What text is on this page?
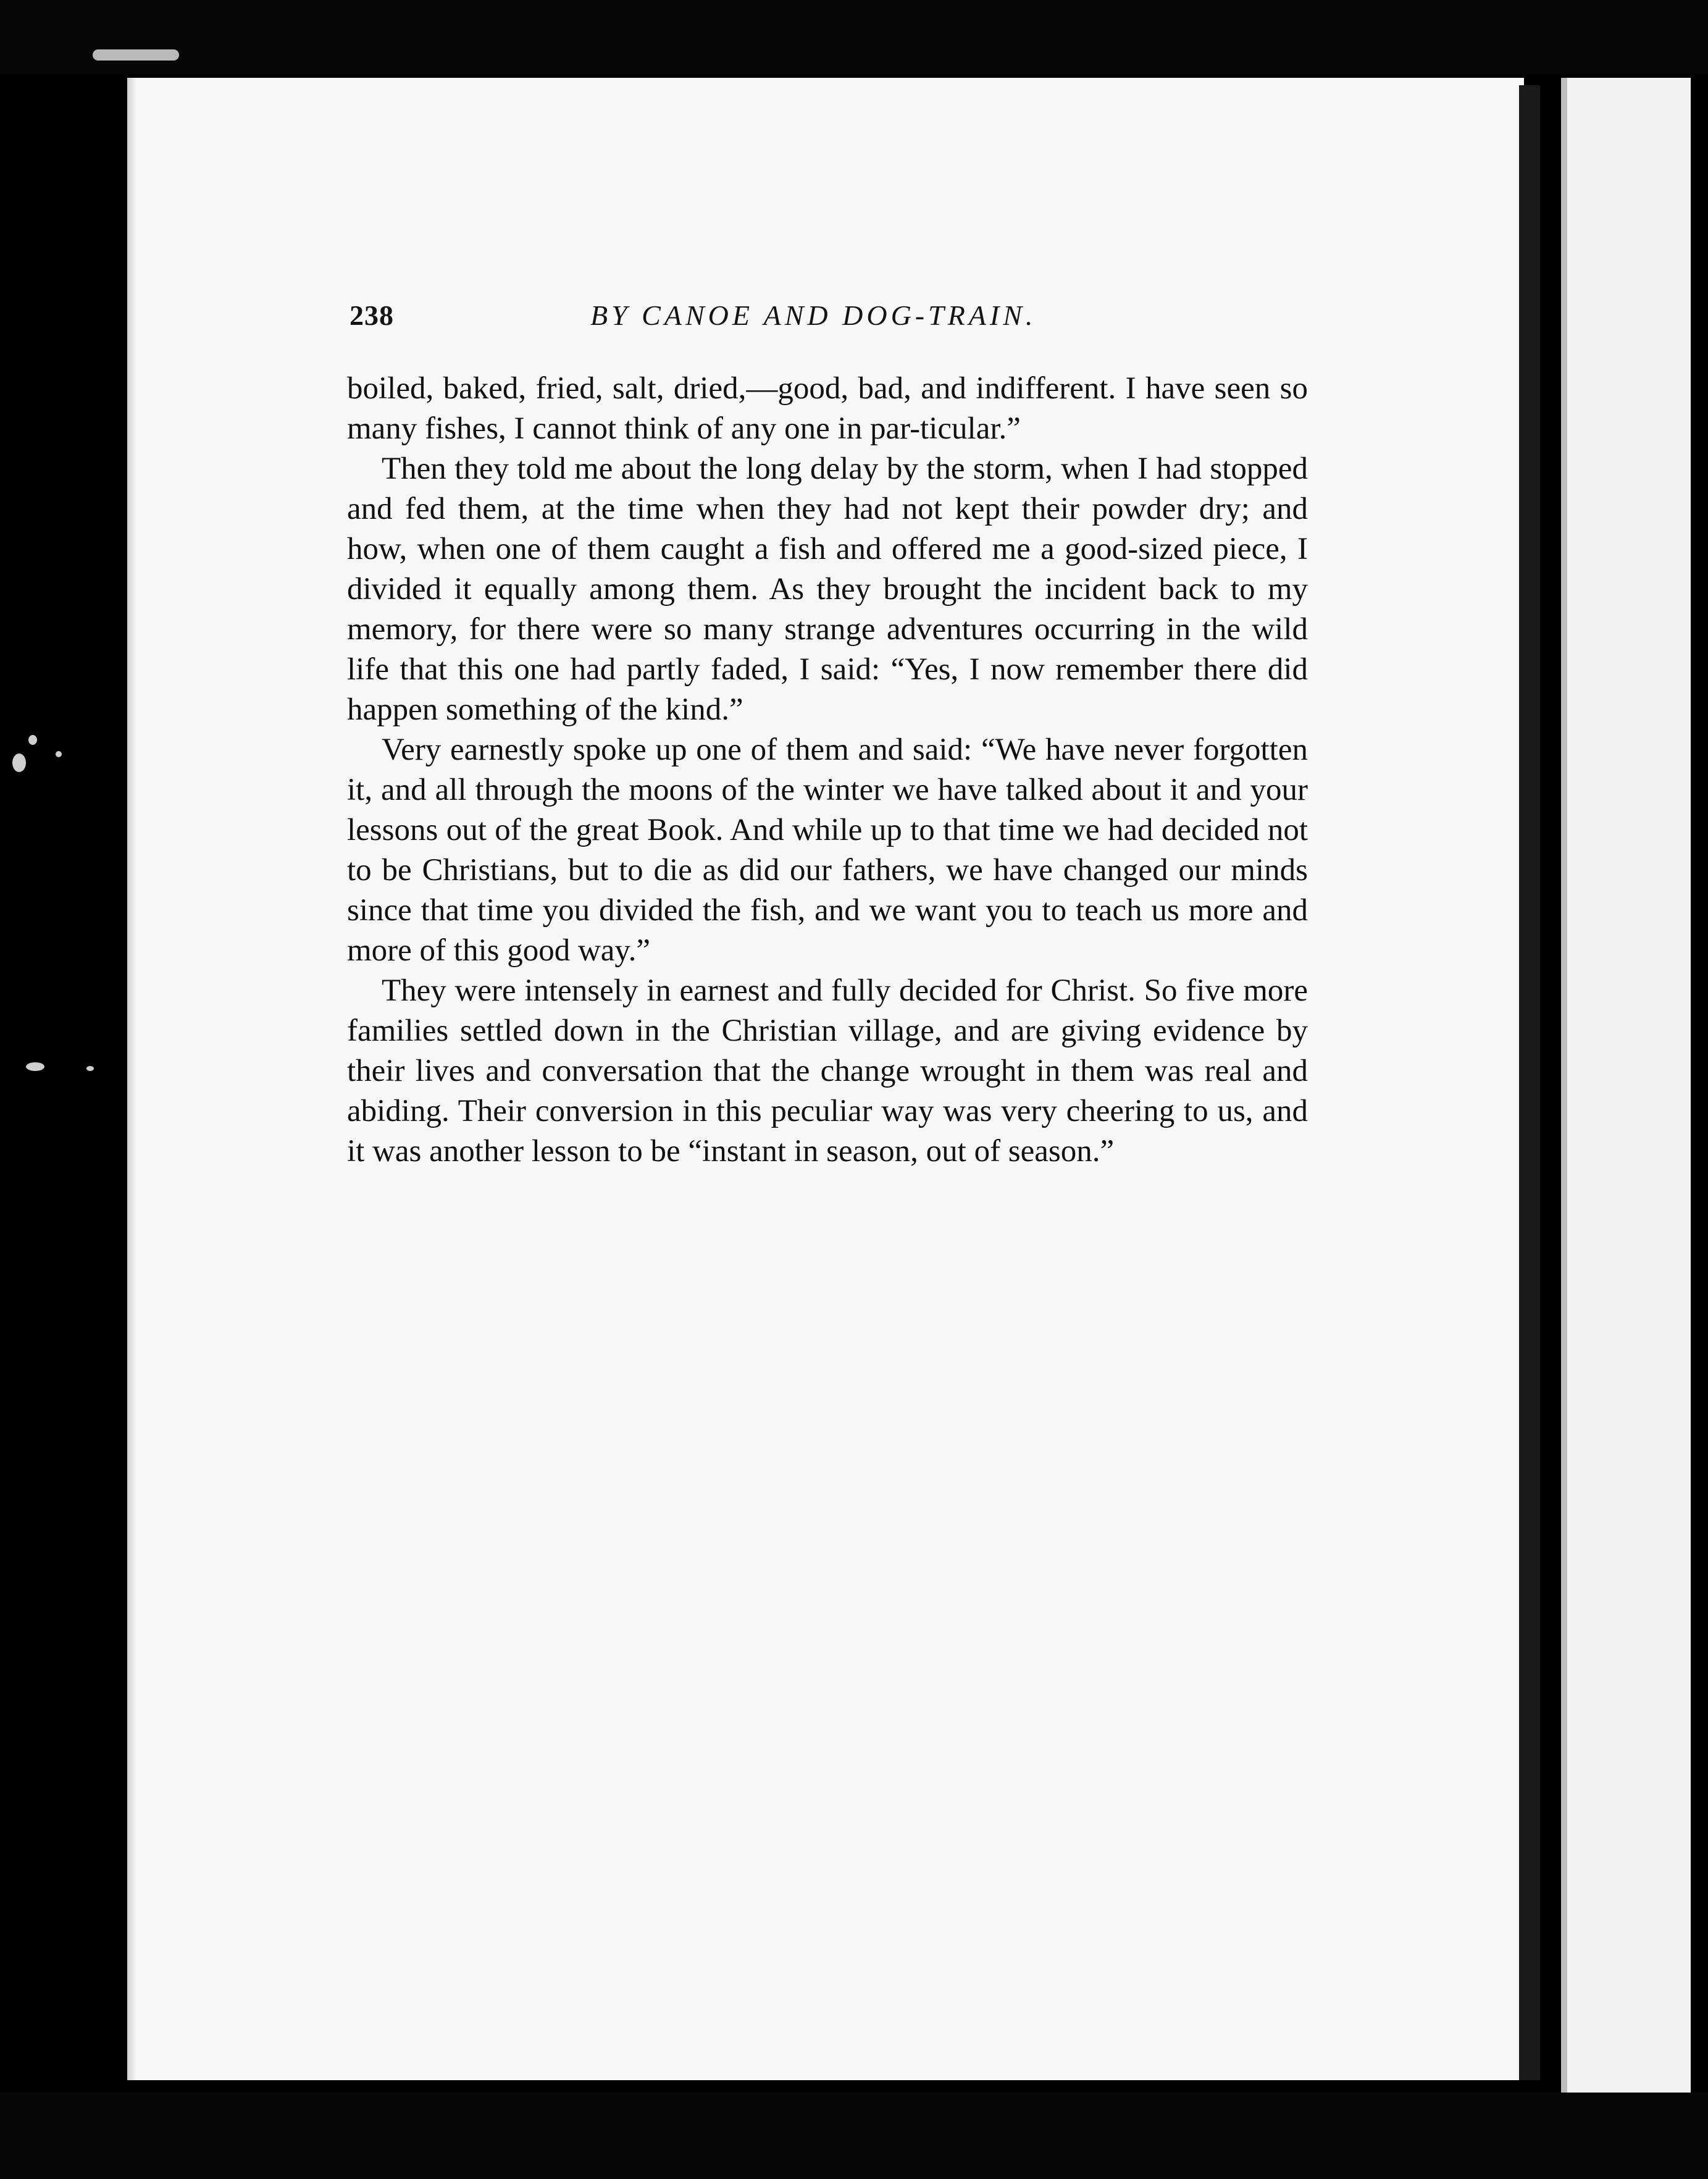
238	BY CANOE AND DOG-TRAIN.

boiled, baked, fried, salt, dried,—good, bad, and indifferent. I have seen so many fishes, I cannot think of any one in par-ticular.”

Then they told me about the long delay by the storm, when I had stopped and fed them, at the time when they had not kept their powder dry; and how, when one of them caught a fish and offered me a good-sized piece, I divided it equally among them. As they brought the incident back to my memory, for there were so many strange adventures occurring in the wild life that this one had partly faded, I said: “Yes, I now remember there did happen something of the kind.”

Very earnestly spoke up one of them and said: “We have never forgotten it, and all through the moons of the winter we have talked about it and your lessons out of the great Book. And while up to that time we had decided not to be Christians, but to die as did our fathers, we have changed our minds since that time you divided the fish, and we want you to teach us more and more of this good way.”

They were intensely in earnest and fully decided for Christ. So five more families settled down in the Christian village, and are giving evidence by their lives and conversation that the change wrought in them was real and abiding. Their conversion in this peculiar way was very cheering to us, and it was another lesson to be “instant in season, out of season.”
